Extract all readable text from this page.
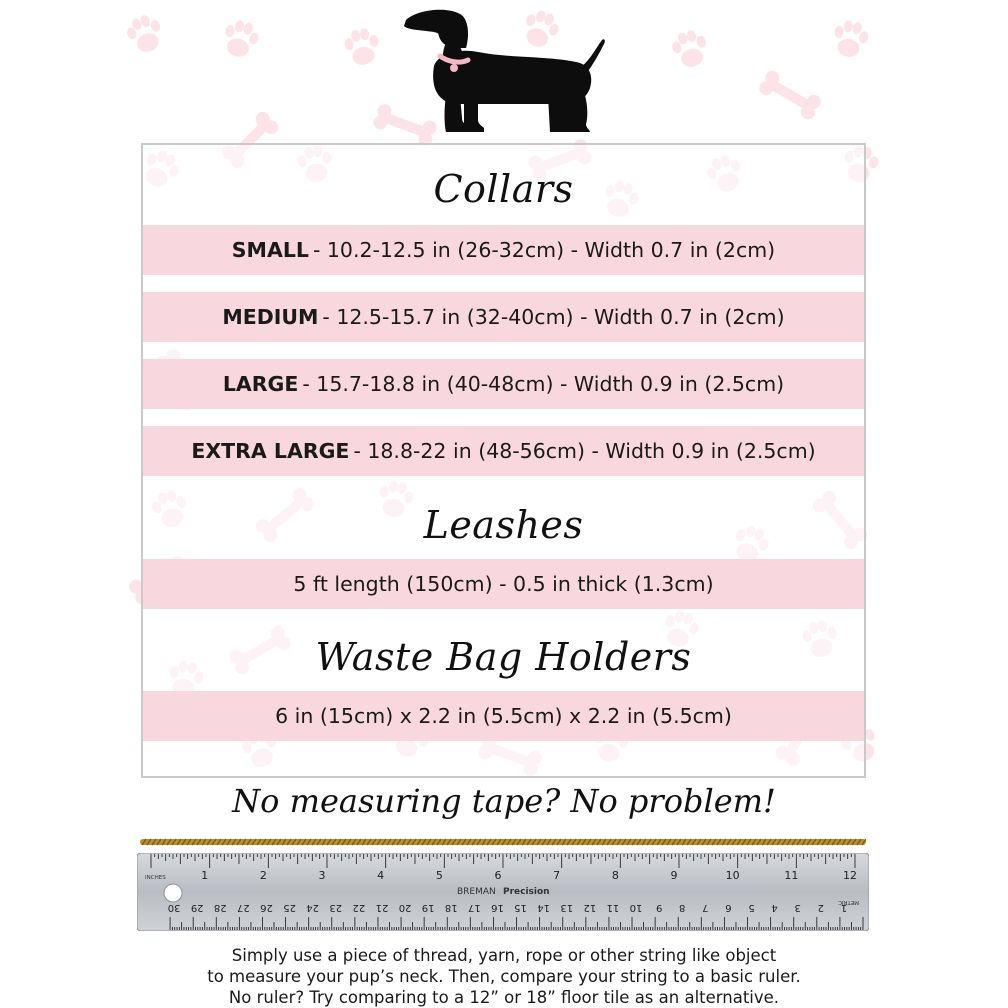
Collars
SMALL - 10.2-12.5 in (26-32cm) - Width 0.7 in (2cm)
MEDIUM - 12.5-15.7 in (32-40cm) - Width 0.7 in (2cm)
LARGE - 15.7-18.8 in (40-48cm) - Width 0.9 in (2.5cm)
EXTRA LARGE - 18.8-22 in (48-56cm) - Width 0.9 in (2.5cm)
Leashes
5 ft length (150cm) - 0.5 in thick (1.3cm)
Waste Bag Holders
6 in (15cm) x 2.2 in (5.5cm) x 2.2 in (5.5cm)
No measuring tape? No problem!
1	2	3	4	5	6	7	8	9	10	11	12
30 29 28 27 26 25 24 23 22 21 20 19 18 17 16 15 14 13 12 11 10 9 8 7 6 5 4 3 2 1
INCHES
METRIC
BREMAN Precision
Simply use a piece of thread, yarn, rope or other string like object
to measure your pup’s neck. Then, compare your string to a basic ruler.
No ruler? Try comparing to a 12” or 18” floor tile as an alternative.
